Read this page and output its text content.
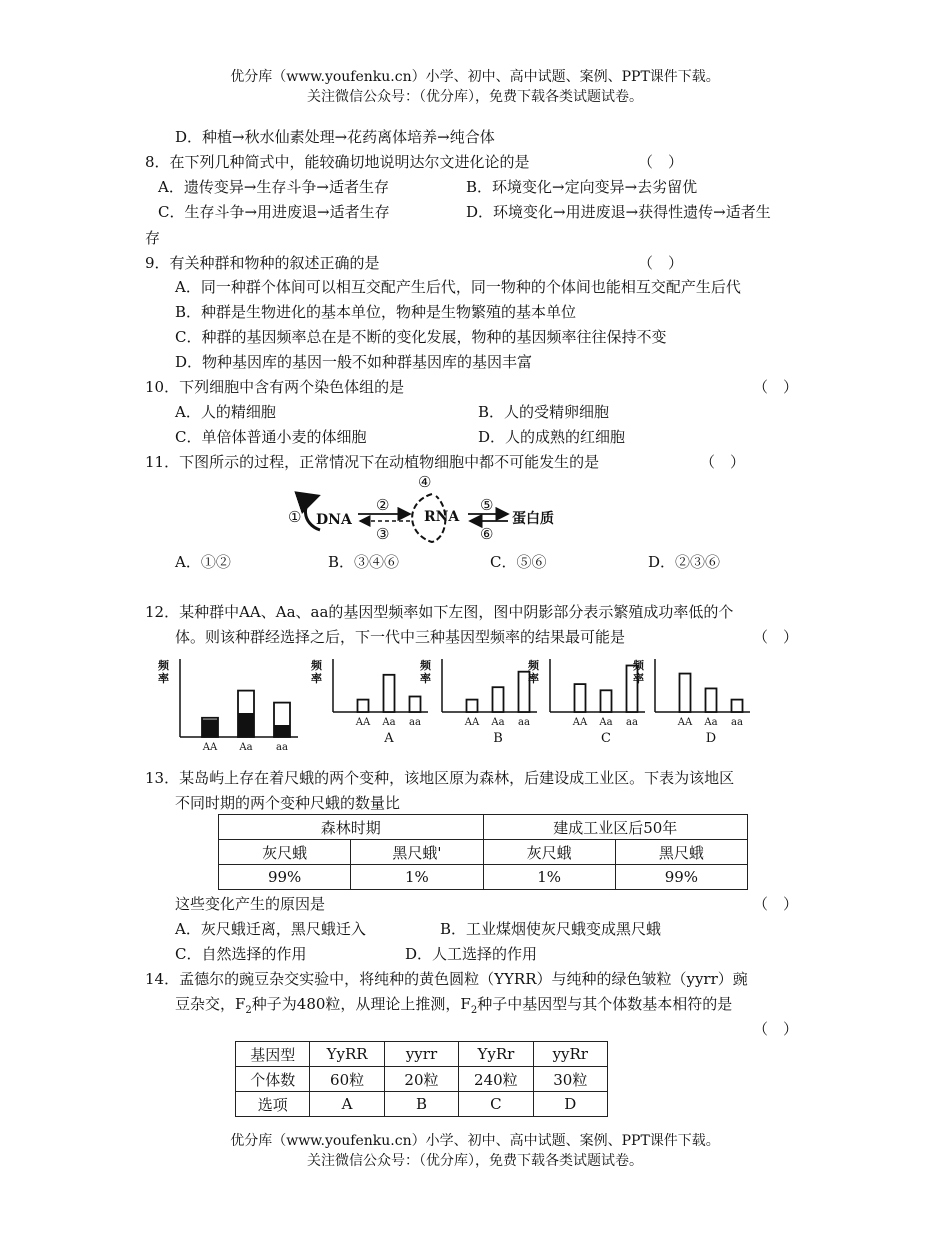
优分库（www.youfenku.cn）小学、初中、高中试题、案例、PPT课件下载。
关注微信公众号：（优分库），免费下载各类试题试卷。
D．种植→秋水仙素处理→花药离体培养→纯合体
8．在下列几种简式中，能较确切地说明达尔文进化论的是	（　）
A．遗传变异→生存斗争→适者生存	B．环境变化→定向变异→去劣留优
C．生存斗争→用进废退→适者生存	D．环境变化→用进废退→获得性遗传→适者生
存
9．有关种群和物种的叙述正确的是	（　）
A．同一种群个体间可以相互交配产生后代，同一物种的个体间也能相互交配产生后代
B．种群是生物进化的基本单位，物种是生物繁殖的基本单位
C．种群的基因频率总在是不断的变化发展，物种的基因频率往往保持不变
D．物种基因库的基因一般不如种群基因库的基因丰富
10．下列细胞中含有两个染色体组的是	（　）
A．人的精细胞	B．人的受精卵细胞
C．单倍体普通小麦的体细胞	D．人的成熟的红细胞
11．下图所示的过程，正常情况下在动植物细胞中都不可能发生的是	（　）
① DNA
②
③
④
RNA
⑤
⑥
蛋白质
A．①②	B．③④⑥	C．⑤⑥	D．②③⑥
12．某种群中AA、Aa、aa的基因型频率如下左图，图中阴影部分表示繁殖成功率低的个
体。则该种群经选择之后，下一代中三种基因型频率的结果最可能是	（　）
频
率
AA Aa aa
频
率
AA Aa aa
A
频
率
AA Aa aa
B
频
率
AA Aa aa
C
频
率
AA Aa aa
D
13．某岛屿上存在着尺蛾的两个变种，该地区原为森林，后建设成工业区。下表为该地区
不同时期的两个变种尺蛾的数量比
森林时期		建成工业区后50年	
灰尺蛾	黑尺蛾'	灰尺蛾	黑尺蛾
99%	1%	1%	99%
这些变化产生的原因是	（　）
A．灰尺蛾迁离，黑尺蛾迁入	B．工业煤烟使灰尺蛾变成黑尺蛾
C．自然选择的作用	D．人工选择的作用
14．孟德尔的豌豆杂交实验中，将纯种的黄色圆粒（YYRR）与纯种的绿色皱粒（yyrr）豌
豆杂交，$F_2$种子为480粒，从理论上推测，$F_2$种子中基因型与其个体数基本相符的是
（　）
基因型	YyRR	yyrr	YyRr	yyRr
个体数	60粒	20粒	240粒	30粒
选项	A	B	C	D
优分库（www.youfenku.cn）小学、初中、高中试题、案例、PPT课件下载。
关注微信公众号：（优分库），免费下载各类试题试卷。
